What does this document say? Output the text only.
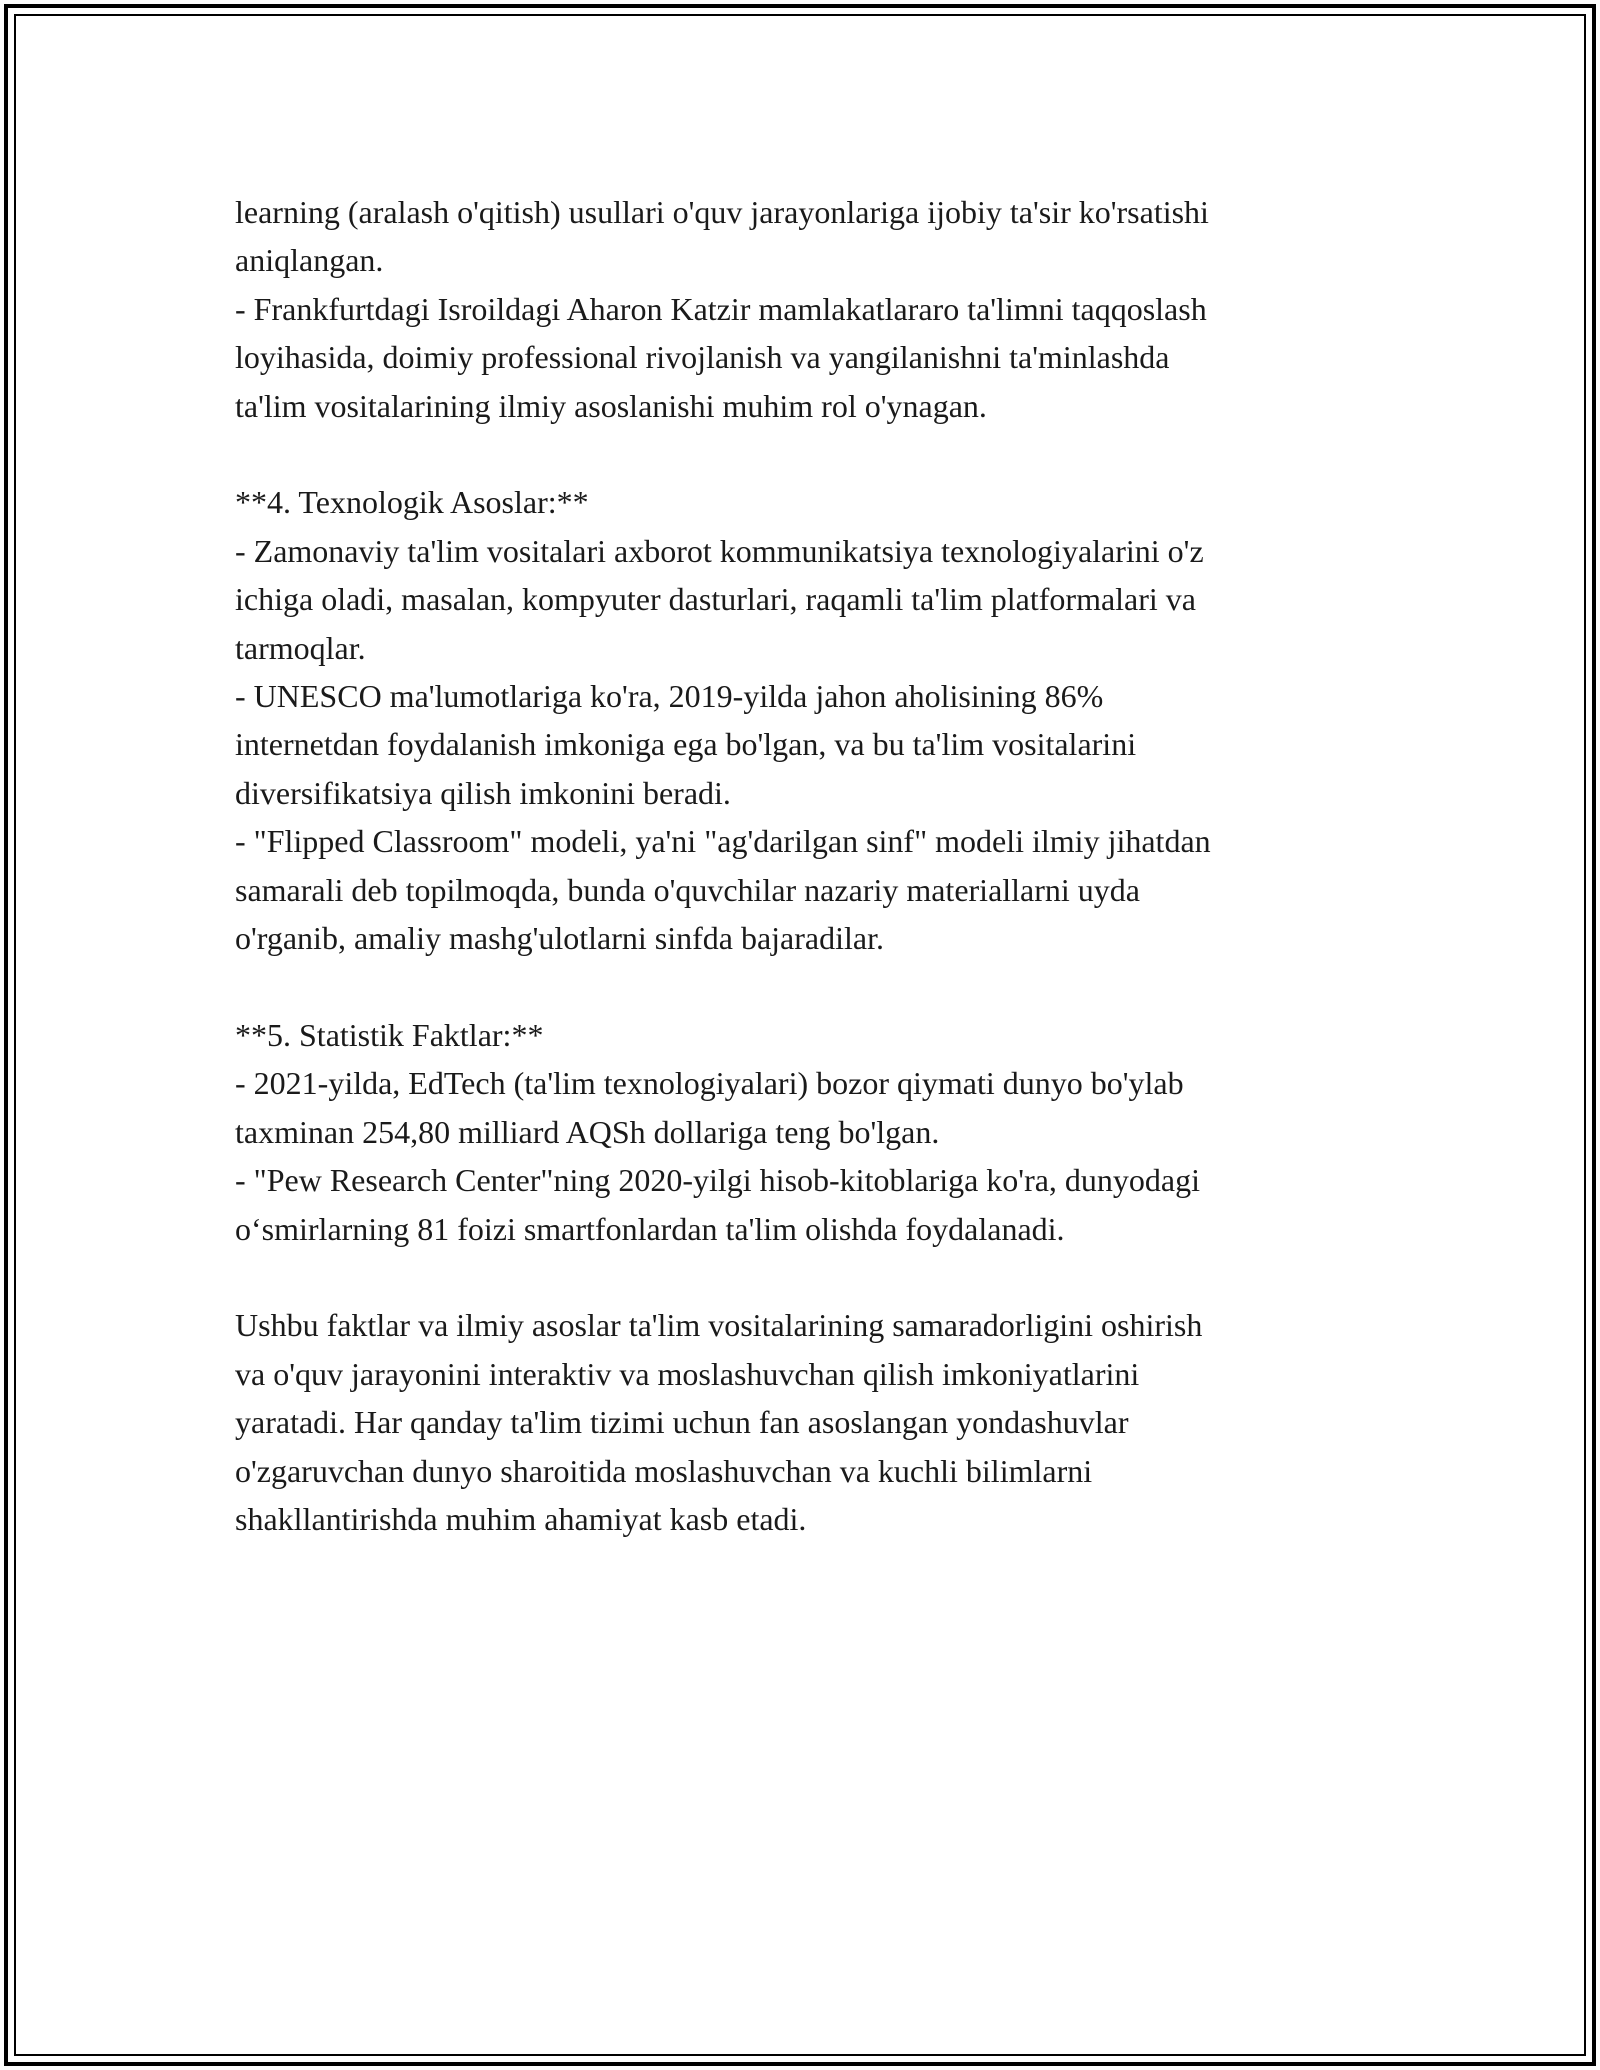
learning (aralash o'qitish) usullari o'quv jarayonlariga ijobiy ta'sir ko'rsatishi
aniqlangan.
- Frankfurtdagi Isroildagi Aharon Katzir mamlakatlararo ta'limni taqqoslash
loyihasida, doimiy professional rivojlanish va yangilanishni ta'minlashda
ta'lim vositalarining ilmiy asoslanishi muhim rol o'ynagan.
**4. Texnologik Asoslar:**
- Zamonaviy ta'lim vositalari axborot kommunikatsiya texnologiyalarini o'z
ichiga oladi, masalan, kompyuter dasturlari, raqamli ta'lim platformalari va
tarmoqlar.
- UNESCO ma'lumotlariga ko'ra, 2019-yilda jahon aholisining 86%
internetdan foydalanish imkoniga ega bo'lgan, va bu ta'lim vositalarini
diversifikatsiya qilish imkonini beradi.
- "Flipped Classroom" modeli, ya'ni "ag'darilgan sinf" modeli ilmiy jihatdan
samarali deb topilmoqda, bunda o'quvchilar nazariy materiallarni uyda
o'rganib, amaliy mashg'ulotlarni sinfda bajaradilar.
**5. Statistik Faktlar:**
- 2021-yilda, EdTech (ta'lim texnologiyalari) bozor qiymati dunyo bo'ylab
taxminan 254,80 milliard AQSh dollariga teng bo'lgan.
- "Pew Research Center"ning 2020-yilgi hisob-kitoblariga ko'ra, dunyodagi
o‘smirlarning 81 foizi smartfonlardan ta'lim olishda foydalanadi.
Ushbu faktlar va ilmiy asoslar ta'lim vositalarining samaradorligini oshirish
va o'quv jarayonini interaktiv va moslashuvchan qilish imkoniyatlarini
yaratadi. Har qanday ta'lim tizimi uchun fan asoslangan yondashuvlar
o'zgaruvchan dunyo sharoitida moslashuvchan va kuchli bilimlarni
shakllantirishda muhim ahamiyat kasb etadi.
